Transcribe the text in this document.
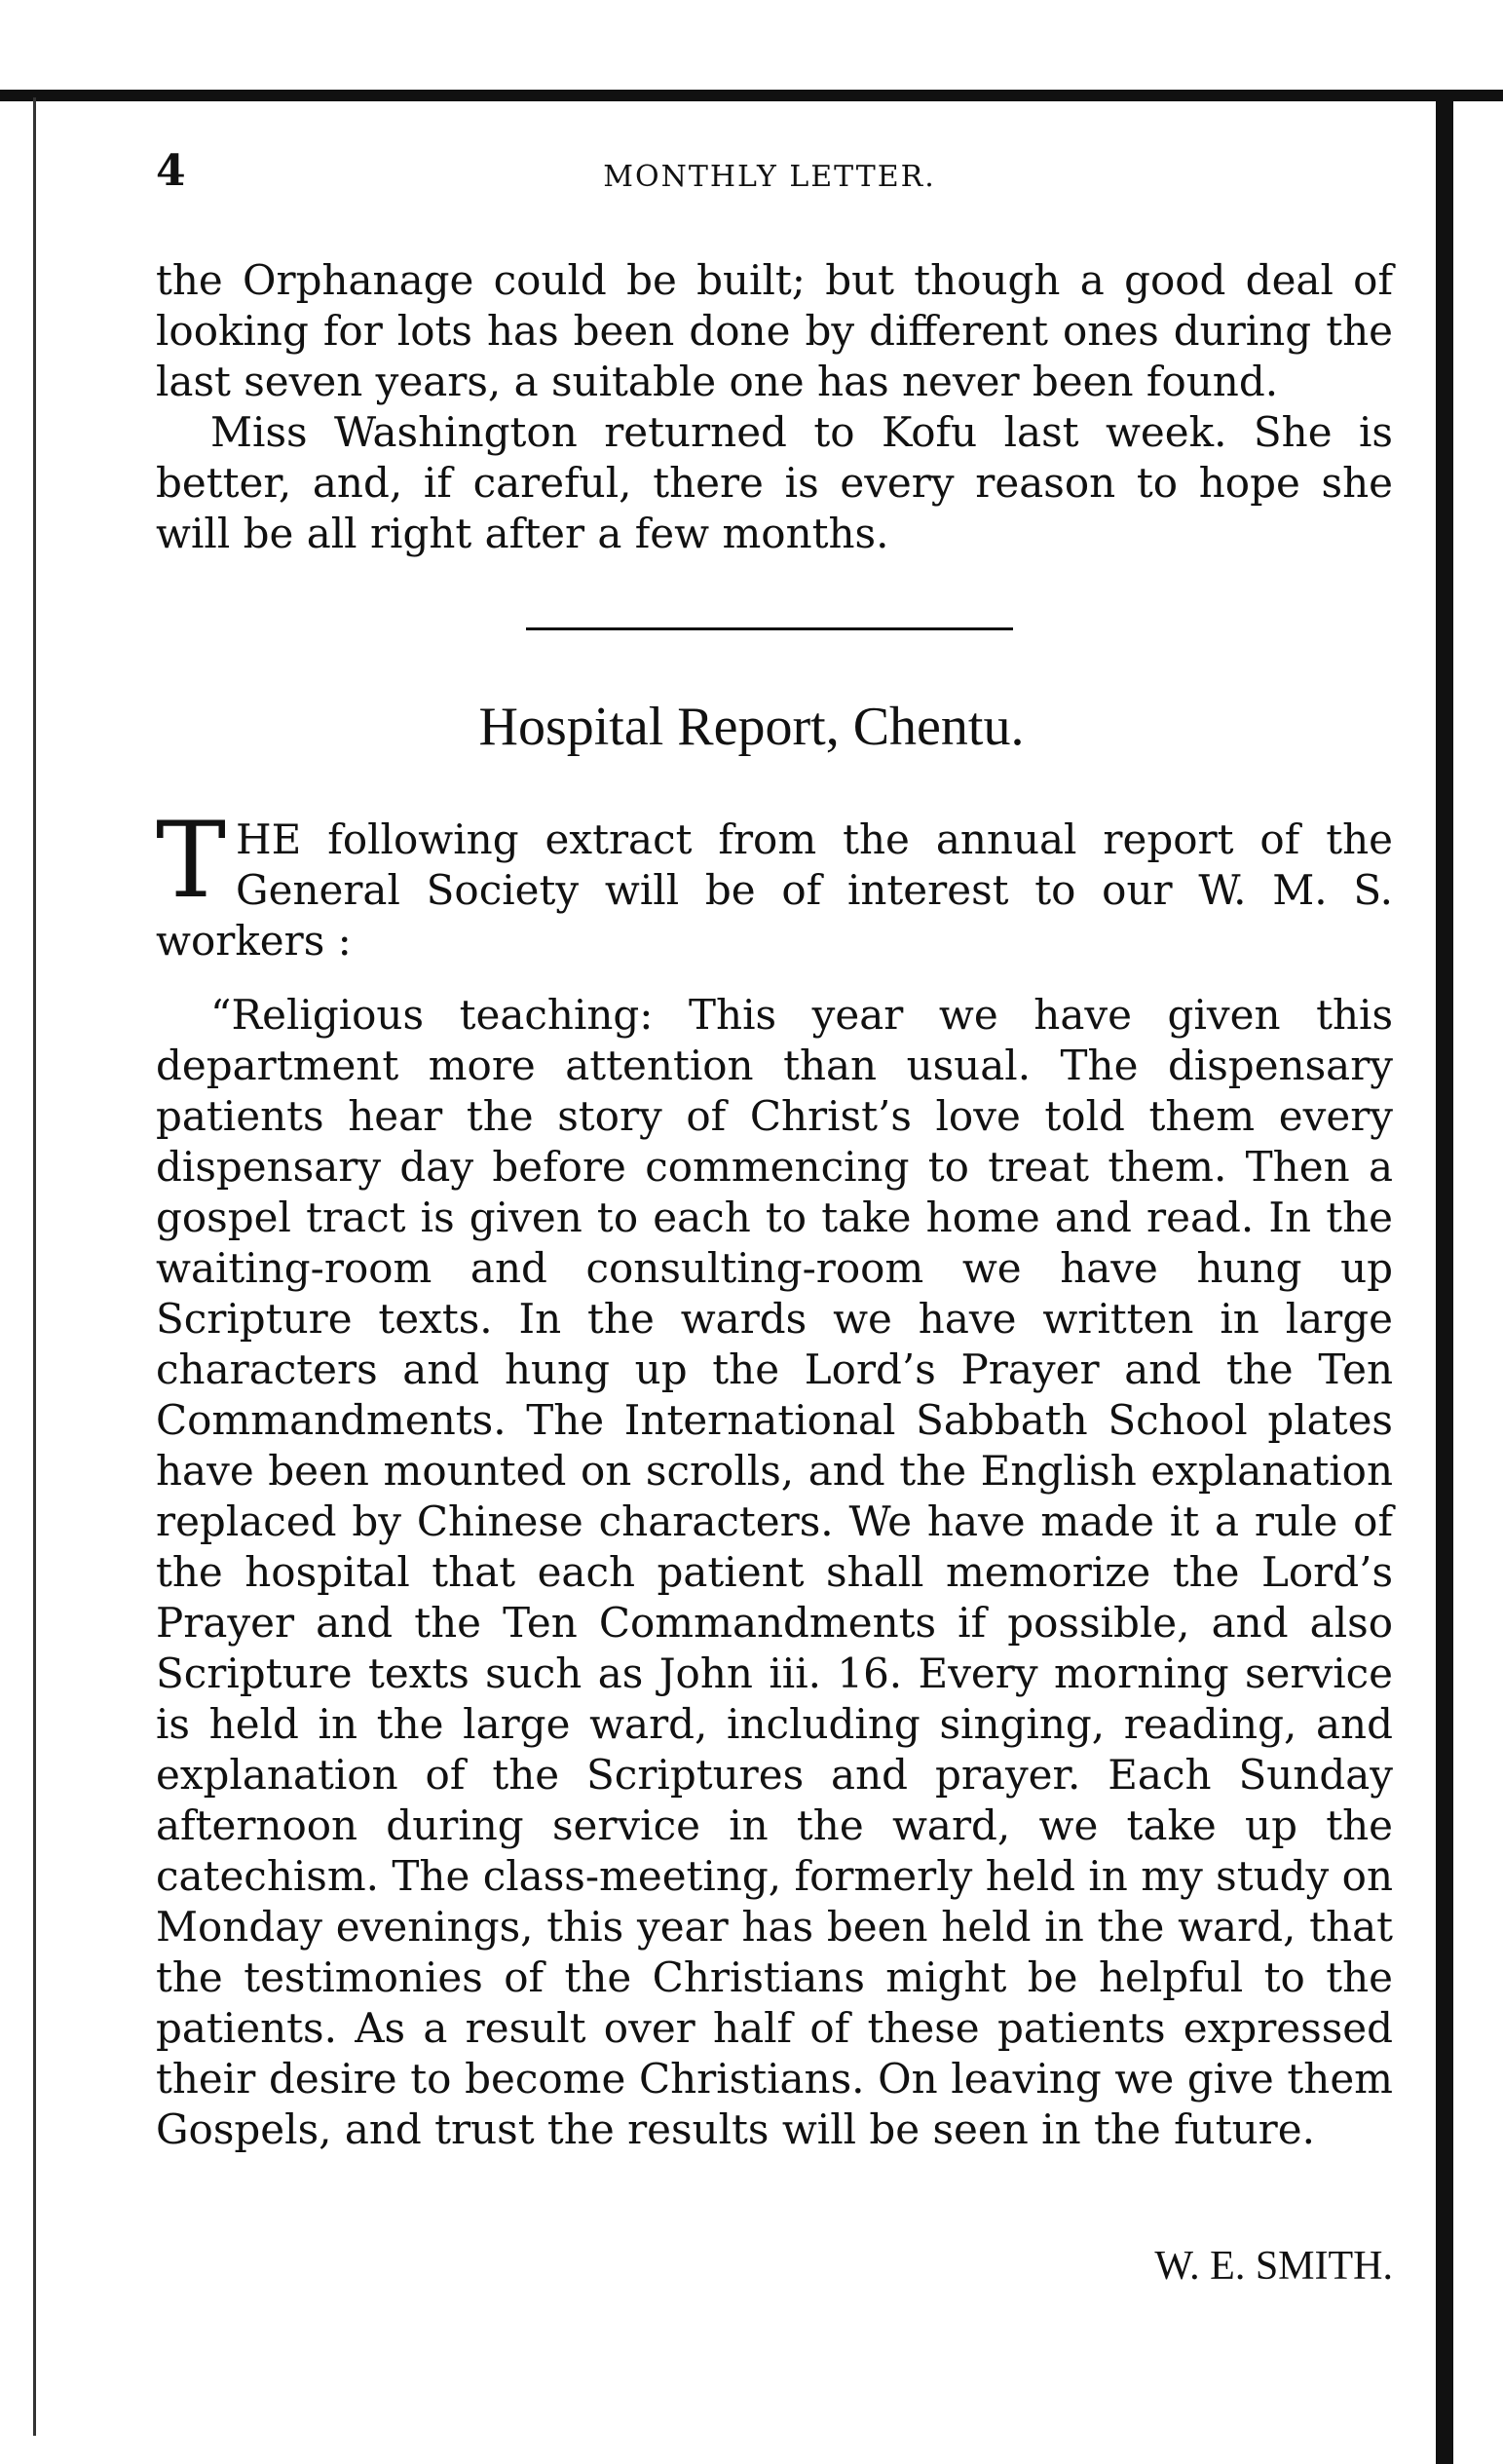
4	MONTHLY LETTER.

the Orphanage could be built; but though a good deal of looking for lots has been done by different ones during the last seven years, a suitable one has never been found.

Miss Washington returned to Kofu last week. She is better, and, if careful, there is every reason to hope she will be all right after a few months.

Hospital Report, Chentu.
T HE following extract from the annual report of the General Society will be of interest to our W. M. S. workers :

“Religious teaching: This year we have given this department more attention than usual. The dispensary patients hear the story of Christ’s love told them every dispensary day before commencing to treat them. Then a gospel tract is given to each to take home and read. In the waiting-room and consulting-room we have hung up Scripture texts. In the wards we have written in large characters and hung up the Lord’s Prayer and the Ten Commandments. The International Sabbath School plates have been mounted on scrolls, and the English explanation replaced by Chinese characters. We have made it a rule of the hospital that each patient shall memorize the Lord’s Prayer and the Ten Commandments if possible, and also Scripture texts such as John iii. 16. Every morning service is held in the large ward, including singing, reading, and explanation of the Scriptures and prayer. Each Sunday afternoon during service in the ward, we take up the catechism. The class-meeting, formerly held in my study on Monday evenings, this year has been held in the ward, that the testimonies of the Christians might be helpful to the patients. As a result over half of these patients expressed their desire to become Christians. On leaving we give them Gospels, and trust the results will be seen in the future.

W. E. SMITH.
